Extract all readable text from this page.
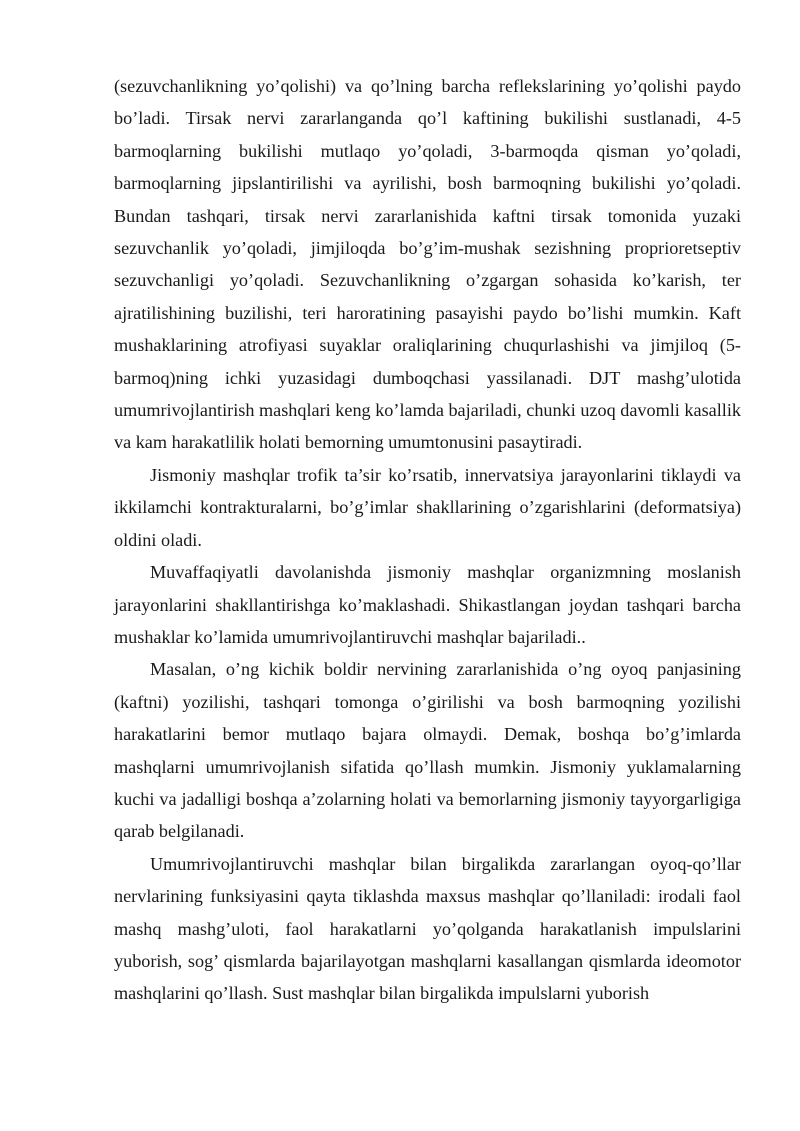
(sezuvchanlikning yo’qolishi) va qo’lning barcha reflekslarining yo’qolishi paydo bo’ladi. Tirsak nervi zararlanganda qo’l kaftining bukilishi sustlanadi, 4-5 barmoqlarning bukilishi mutlaqo yo’qoladi, 3-barmoqda qisman yo’qoladi, barmoqlarning jipslantirilishi va ayrilishi, bosh barmoqning bukilishi yo’qoladi. Bundan tashqari, tirsak nervi zararlanishida kaftni tirsak tomonida yuzaki sezuvchanlik yo’qoladi, jimjiloqda bo’g’im-mushak sezishning proprioretseptiv sezuvchanligi yo’qoladi. Sezuvchanlikning o’zgargan sohasida ko’karish, ter ajratilishining buzilishi, teri haroratining pasayishi paydo bo’lishi mumkin. Kaft mushaklarining atrofiyasi suyaklar oraliqlarining chuqurlashishi va jimjiloq (5-barmoq)ning ichki yuzasidagi dumboqchasi yassilanadi. DJT mashg’ulotida umumrivojlantirish mashqlari keng ko’lamda bajariladi, chunki uzoq davomli kasallik va kam harakatlilik holati bemorning umumtonusini pasaytiradi.

Jismoniy mashqlar trofik ta’sir ko’rsatib, innervatsiya jarayonlarini tiklaydi va ikkilamchi kontrakturalarni, bo’g’imlar shakllarining o’zgarishlarini (deformatsiya) oldini oladi.

Muvaffaqiyatli davolanishda jismoniy mashqlar organizmning moslanish jarayonlarini shakllantirishga ko’maklashadi. Shikastlangan joydan tashqari barcha mushaklar ko’lamida umumrivojlantiruvchi mashqlar bajariladi..

Masalan, o’ng kichik boldir nervining zararlanishida o’ng oyoq panjasining (kaftni) yozilishi, tashqari tomonga o’girilishi va bosh barmoqning yozilishi harakatlarini bemor mutlaqo bajara olmaydi. Demak, boshqa bo’g’imlarda mashqlarni umumrivojlanish sifatida qo’llash mumkin. Jismoniy yuklamalarning kuchi va jadalligi boshqa a’zolarning holati va bemorlarning jismoniy tayyorgarligiga qarab belgilanadi.

Umumrivojlantiruvchi mashqlar bilan birgalikda zararlangan oyoq-qo’llar nervlarining funksiyasini qayta tiklashda maxsus mashqlar qo’llaniladi: irodali faol mashq mashg’uloti, faol harakatlarni yo’qolganda harakatlanish impulslarini yuborish, sog’ qismlarda bajarilayotgan mashqlarni kasallangan qismlarda ideomotor mashqlarini qo’llash. Sust mashqlar bilan birgalikda impulslarni yuborish
